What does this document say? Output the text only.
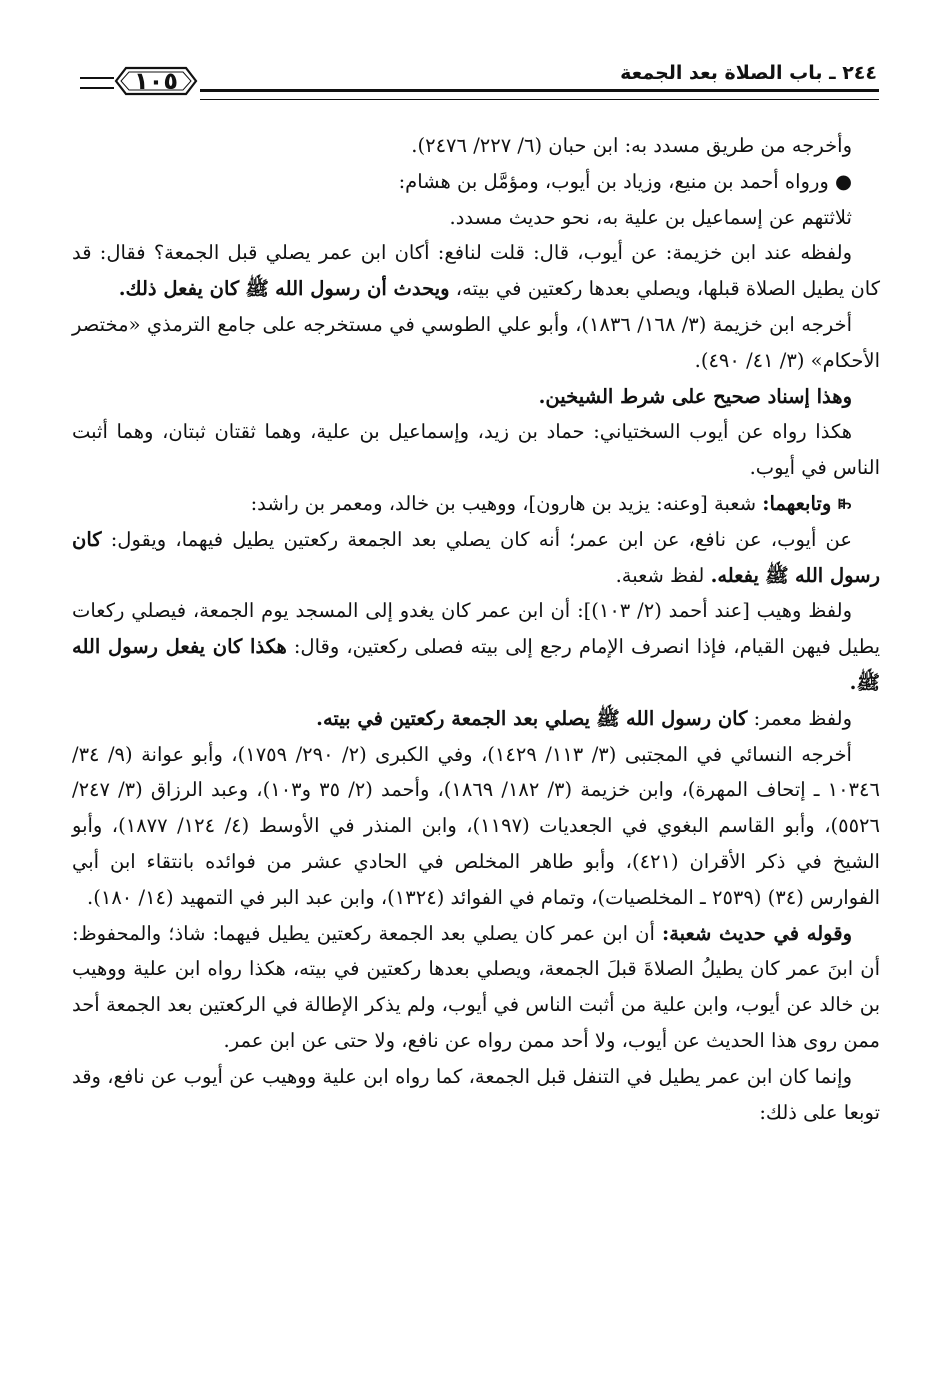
١٠٥	٢٤٤ ـ باب الصلاة بعد الجمعة

وأخرجه من طريق مسدد به: ابن حبان (٦/ ٢٢٧/ ٢٤٧٦).

● ورواه أحمد بن منيع، وزياد بن أيوب، ومؤمَّل بن هشام:

ثلاثتهم عن إسماعيل بن علية به، نحو حديث مسدد.

ولفظه عند ابن خزيمة: عن أيوب، قال: قلت لنافع: أكان ابن عمر يصلي قبل الجمعة؟ فقال: قد كان يطيل الصلاة قبلها، ويصلي بعدها ركعتين في بيته، ويحدث أن رسول الله ﷺ كان يفعل ذلك.

أخرجه ابن خزيمة (٣/ ١٦٨/ ١٨٣٦)، وأبو علي الطوسي في مستخرجه على جامع الترمذي «مختصر الأحكام» (٣/ ٤١/ ٤٩٠).

وهذا إسناد صحيح على شرط الشيخين.

هكذا رواه عن أيوب السختياني: حماد بن زيد، وإسماعيل بن علية، وهما ثقتان ثبتان، وهما أثبت الناس في أيوب.

ꖰ وتابعهما: شعبة [وعنه: يزيد بن هارون]، ووهيب بن خالد، ومعمر بن راشد:

عن أيوب، عن نافع، عن ابن عمر؛ أنه كان يصلي بعد الجمعة ركعتين يطيل فيهما، ويقول: كان رسول الله ﷺ يفعله. لفظ شعبة.

ولفظ وهيب [عند أحمد (٢/ ١٠٣)]: أن ابن عمر كان يغدو إلى المسجد يوم الجمعة، فيصلي ركعات يطيل فيهن القيام، فإذا انصرف الإمام رجع إلى بيته فصلى ركعتين، وقال: هكذا كان يفعل رسول الله ﷺ.

ولفظ معمر: كان رسول الله ﷺ يصلي بعد الجمعة ركعتين في بيته.

أخرجه النسائي في المجتبى (٣/ ١١٣/ ١٤٢٩)، وفي الكبرى (٢/ ٢٩٠/ ١٧٥٩)، وأبو عوانة (٩/ ٣٤/ ١٠٣٤٦ ـ إتحاف المهرة)، وابن خزيمة (٣/ ١٨٢/ ١٨٦٩)، وأحمد (٢/ ٣٥ و١٠٣)، وعبد الرزاق (٣/ ٢٤٧/ ٥٥٢٦)، وأبو القاسم البغوي في الجعديات (١١٩٧)، وابن المنذر في الأوسط (٤/ ١٢٤/ ١٨٧٧)، وأبو الشيخ في ذكر الأقران (٤٢١)، وأبو طاهر المخلص في الحادي عشر من فوائده بانتقاء ابن أبي الفوارس (٣٤) (٢٥٣٩ ـ المخلصيات)، وتمام في الفوائد (١٣٢٤)، وابن عبد البر في التمهيد (١٤/ ١٨٠).

وقوله في حديث شعبة: أن ابن عمر كان يصلي بعد الجمعة ركعتين يطيل فيهما: شاذ؛ والمحفوظ: أن ابنَ عمر كان يطيلُ الصلاةَ قبلَ الجمعة، ويصلي بعدها ركعتين في بيته، هكذا رواه ابن علية ووهيب بن خالد عن أيوب، وابن علية من أثبت الناس في أيوب، ولم يذكر الإطالة في الركعتين بعد الجمعة أحد ممن روى هذا الحديث عن أيوب، ولا أحد ممن رواه عن نافع، ولا حتى عن ابن عمر.

وإنما كان ابن عمر يطيل في التنفل قبل الجمعة، كما رواه ابن علية ووهيب عن أيوب عن نافع، وقد توبعا على ذلك:
